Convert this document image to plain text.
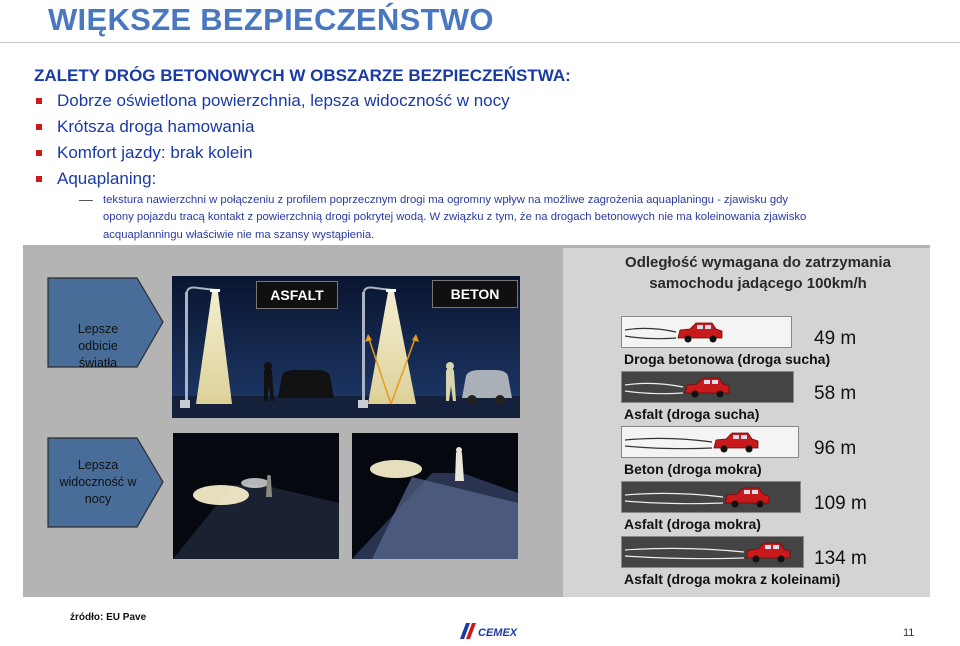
WIĘKSZE BEZPIECZEŃSTWO
ZALETY DRÓG BETONOWYCH W OBSZARZE BEZPIECZEŃSTWA:
Dobrze oświetlona powierzchnia, lepsza widoczność w nocy
Krótsza droga hamowania
Komfort jazdy: brak kolein
Aquaplaning:
tekstura nawierzchni w połączeniu z profilem poprzecznym drogi ma ogromny wpływ na możliwe zagrożenia aquaplaningu - zjawisku gdy
opony pojazdu tracą kontakt z powierzchnią drogi pokrytej wodą. W związku z tym, że na drogach betonowych nie ma koleinowania zjawisko
acquaplanningu właściwie nie ma szansy wystąpienia.
Lepsze
odbicie
światła
Lepsza
widoczność w
nocy
ASFALT	BETON
Odległość wymagana do zatrzymania
samochodu jadącego 100km/h
49 m
Droga betonowa (droga sucha)
58 m
Asfalt (droga sucha)
96 m
Beton (droga mokra)
109 m
Asfalt (droga mokra)
134 m
Asfalt (droga mokra z koleinami)
źródło: EU Pave
CEMEX	11
